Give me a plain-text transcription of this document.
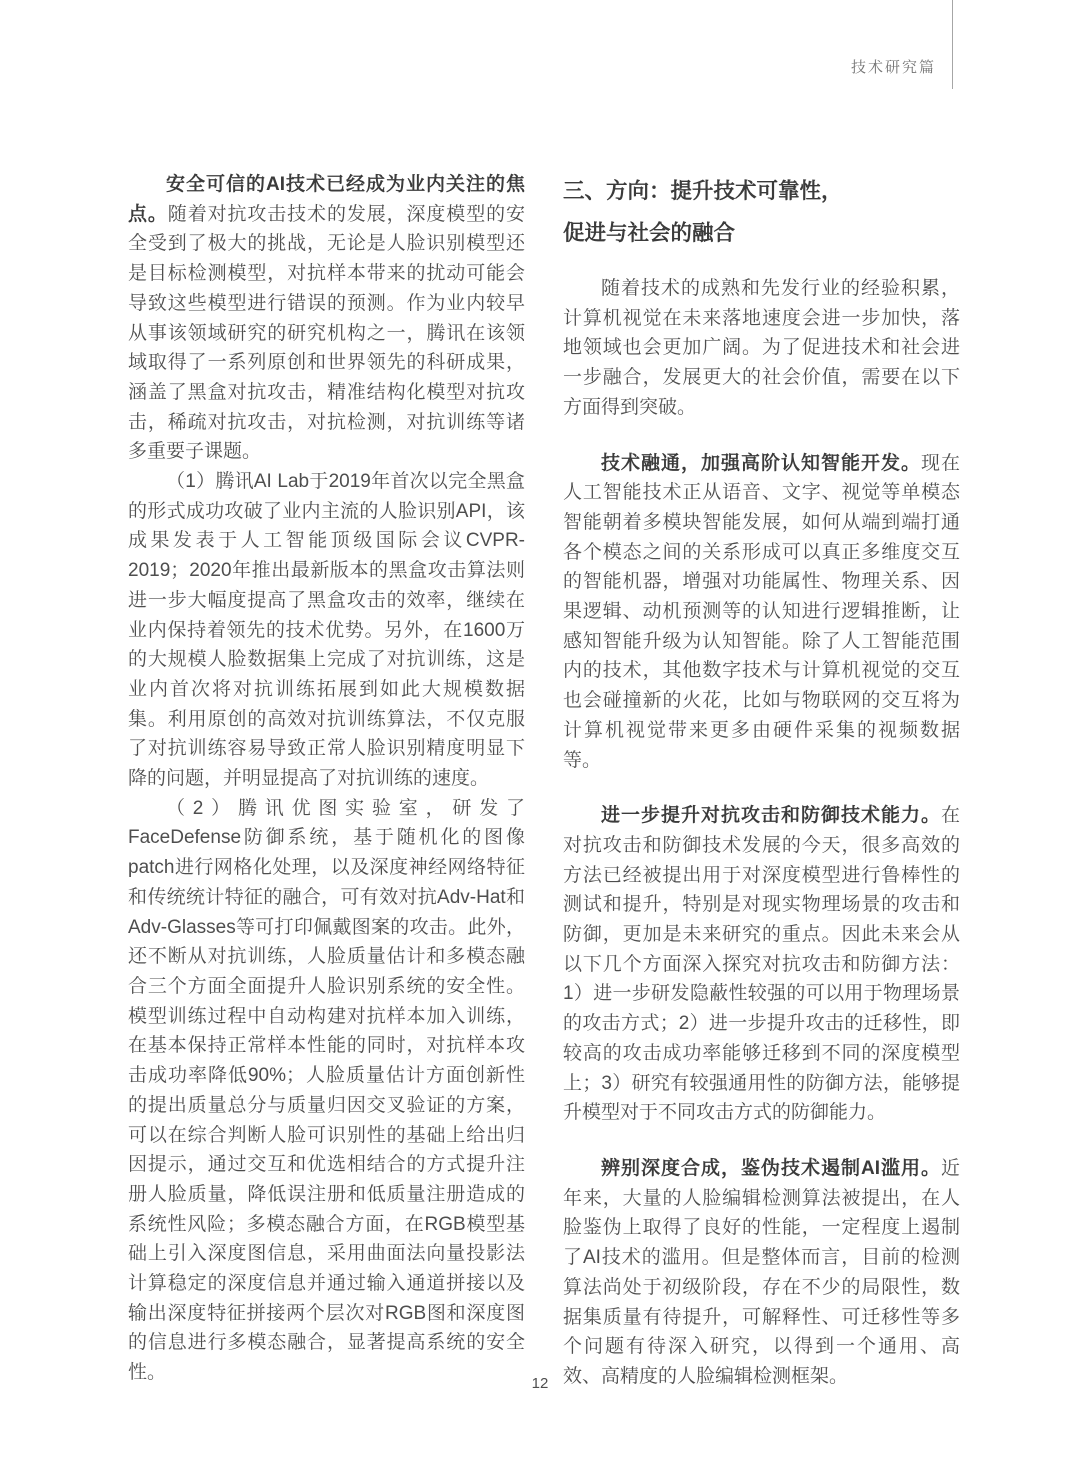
技术研究篇

安全可信的AI技术已经成为业内关注的焦点。随着对抗攻击技术的发展，深度模型的安全受到了极大的挑战，无论是人脸识别模型还是目标检测模型，对抗样本带来的扰动可能会导致这些模型进行错误的预测。作为业内较早从事该领域研究的研究机构之一，腾讯在该领域取得了一系列原创和世界领先的科研成果，涵盖了黑盒对抗攻击，精准结构化模型对抗攻击，稀疏对抗攻击，对抗检测，对抗训练等诸多重要子课题。

（1）腾讯AI Lab于2019年首次以完全黑盒的形式成功攻破了业内主流的人脸识别API，该成果发表于人工智能顶级国际会议CVPR-2019；2020年推出最新版本的黑盒攻击算法则进一步大幅度提高了黑盒攻击的效率，继续在业内保持着领先的技术优势。另外，在1600万的大规模人脸数据集上完成了对抗训练，这是业内首次将对抗训练拓展到如此大规模数据集。利用原创的高效对抗训练算法，不仅克服了对抗训练容易导致正常人脸识别精度明显下降的问题，并明显提高了对抗训练的速度。

（2）腾讯优图实验室，研发了FaceDefense防御系统，基于随机化的图像patch进行网格化处理，以及深度神经网络特征和传统统计特征的融合，可有效对抗Adv-Hat和Adv-Glasses等可打印佩戴图案的攻击。此外，还不断从对抗训练，人脸质量估计和多模态融合三个方面全面提升人脸识别系统的安全性。模型训练过程中自动构建对抗样本加入训练，在基本保持正常样本性能的同时，对抗样本攻击成功率降低90%；人脸质量估计方面创新性的提出质量总分与质量归因交叉验证的方案，可以在综合判断人脸可识别性的基础上给出归因提示，通过交互和优选相结合的方式提升注册人脸质量，降低误注册和低质量注册造成的系统性风险；多模态融合方面，在RGB模型基础上引入深度图信息，采用曲面法向量投影法计算稳定的深度信息并通过输入通道拼接以及输出深度特征拼接两个层次对RGB图和深度图的信息进行多模态融合，显著提高系统的安全性。

三、方向：提升技术可靠性，
促进与社会的融合

随着技术的成熟和先发行业的经验积累，计算机视觉在未来落地速度会进一步加快，落地领域也会更加广阔。为了促进技术和社会进一步融合，发展更大的社会价值，需要在以下方面得到突破。

技术融通，加强高阶认知智能开发。现在人工智能技术正从语音、文字、视觉等单模态智能朝着多模块智能发展，如何从端到端打通各个模态之间的关系形成可以真正多维度交互的智能机器，增强对功能属性、物理关系、因果逻辑、动机预测等的认知进行逻辑推断，让感知智能升级为认知智能。除了人工智能范围内的技术，其他数字技术与计算机视觉的交互也会碰撞新的火花，比如与物联网的交互将为计算机视觉带来更多由硬件采集的视频数据等。

进一步提升对抗攻击和防御技术能力。在对抗攻击和防御技术发展的今天，很多高效的方法已经被提出用于对深度模型进行鲁棒性的测试和提升，特别是对现实物理场景的攻击和防御，更加是未来研究的重点。因此未来会从以下几个方面深入探究对抗攻击和防御方法：1）进一步研发隐蔽性较强的可以用于物理场景的攻击方式；2）进一步提升攻击的迁移性，即较高的攻击成功率能够迁移到不同的深度模型上；3）研究有较强通用性的防御方法，能够提升模型对于不同攻击方式的防御能力。

辨别深度合成，鉴伪技术遏制AI滥用。近年来，大量的人脸编辑检测算法被提出，在人脸鉴伪上取得了良好的性能，一定程度上遏制了AI技术的滥用。但是整体而言，目前的检测算法尚处于初级阶段，存在不少的局限性，数据集质量有待提升，可解释性、可迁移性等多个问题有待深入研究，以得到一个通用、高效、高精度的人脸编辑检测框架。

12
